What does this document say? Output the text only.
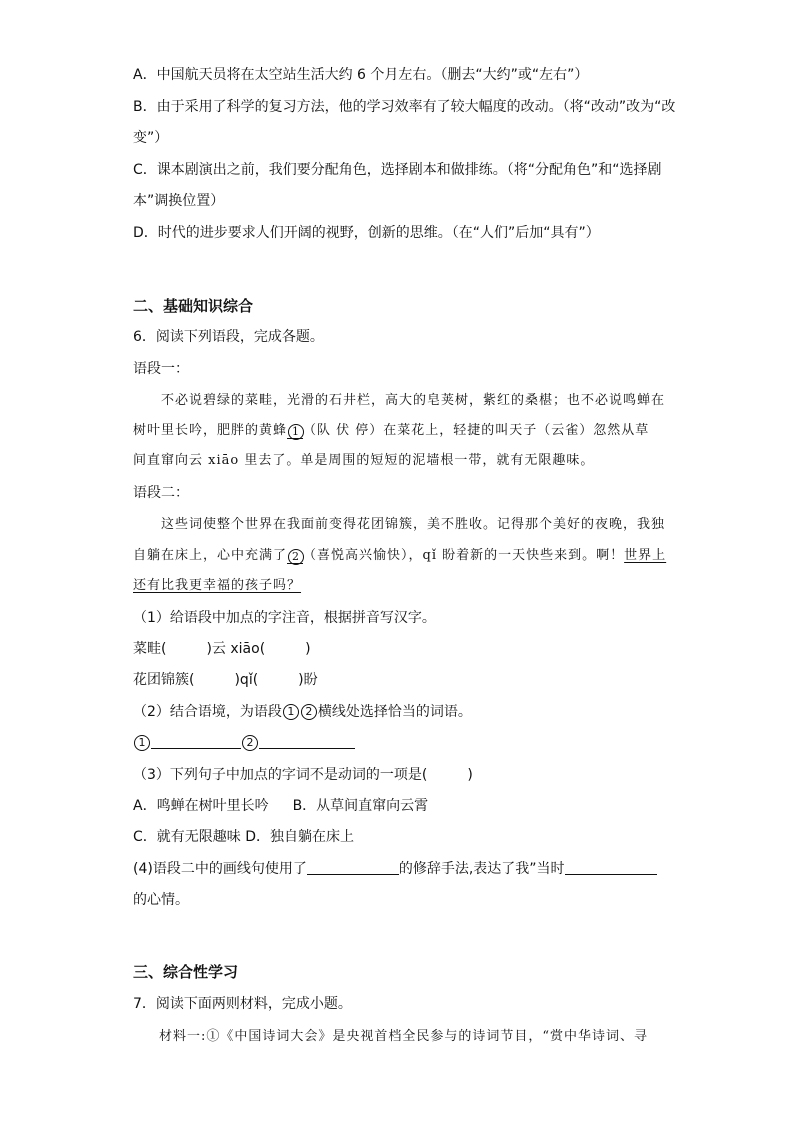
A．中国航天员将在太空站生活大约 6 个月左右。（删去“大约”或“左右”）
B．由于采用了科学的复习方法，他的学习效率有了较大幅度的改动。（将“改动”改为“改
变”）
C．课本剧演出之前，我们要分配角色，选择剧本和做排练。（将“分配角色”和“选择剧
本”调换位置）
D．时代的进步要求人们开阔的视野，创新的思维。（在“人们”后加“具有”）
二、基础知识综合
6．阅读下列语段，完成各题。
语段一：
不必说碧绿的菜畦，光滑的石井栏，高大的皂荚树，紫红的桑椹；也不必说鸣蝉在
树叶里长吟，肥胖的黄蜂 1 （队 伏 停）在菜花上，轻捷的叫天子（云雀）忽然从草
间直窜向云 xiāo 里去了。单是周围的短短的泥墙根一带，就有无限趣味。
语段二：
这些词使整个世界在我面前变得花团锦簇，美不胜收。记得那个美好的夜晚，我独
自躺在床上，心中充满了 2 （喜悦高兴愉快），qǐ 盼着新的一天快些来到。啊！世界上
还有比我更幸福的孩子吗？
（1）给语段中加点的字注音，根据拼音写汉字。
菜畦(	)云 xiāo(	)
花团锦簇(	)qǐ(	)盼
（2）结合语境，为语段 1 2 横线处选择恰当的词语。
1	2
（3）下列句子中加点的字词不是动词的一项是(	)
A．鸣蝉在树叶里长吟 B．从草间直窜向云霄
C．就有无限趣味 D．独自躺在床上
(4)语段二中的画线句使用了	的修辞手法,表达了我”当时
的心情。
三、综合性学习
7．阅读下面两则材料，完成小题。
材料一:①《中国诗词大会》是央视首档全民参与的诗词节目，“赏中华诗词、寻
